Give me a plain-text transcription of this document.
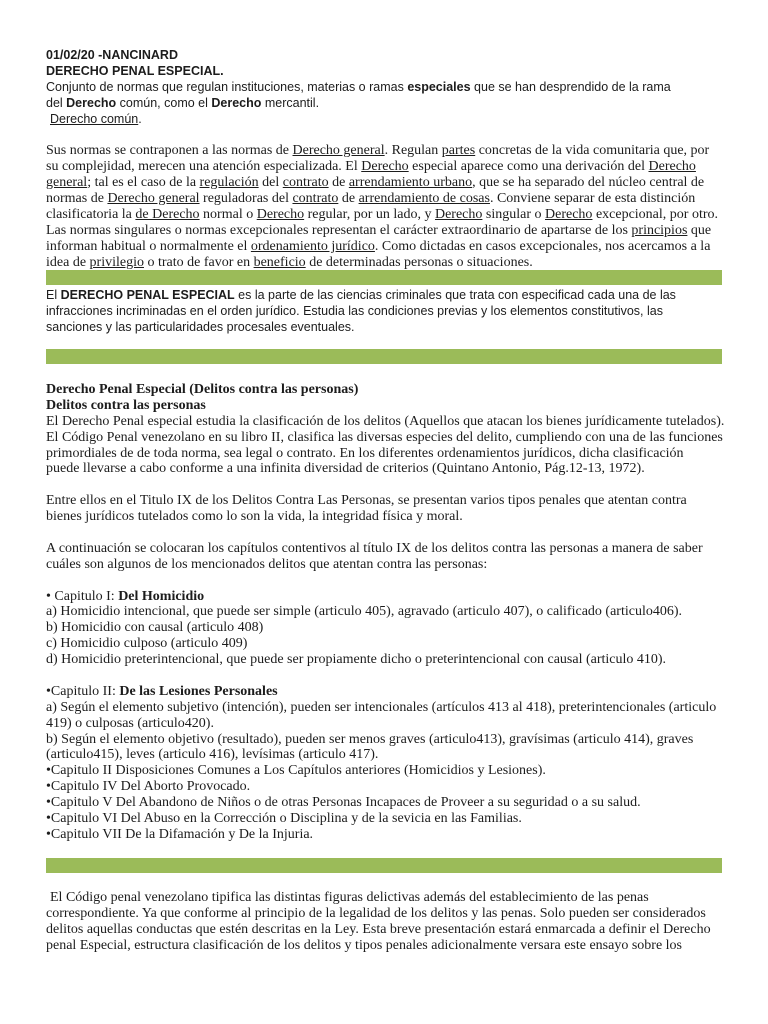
01/02/20 -NANCINARD
DERECHO PENAL ESPECIAL.
Conjunto de normas que regulan instituciones, materias o ramas especiales que se han desprendido de la rama
del Derecho común, como el Derecho mercantil.
Derecho común.
Sus normas se contraponen a las normas de Derecho general. Regulan partes concretas de la vida comunitaria que, por
su complejidad, merecen una atención especializada. El Derecho especial aparece como una derivación del Derecho
general; tal es el caso de la regulación del contrato de arrendamiento urbano, que se ha separado del núcleo central de
normas de Derecho general reguladoras del contrato de arrendamiento de cosas. Conviene separar de esta distinción
clasificatoria la de Derecho normal o Derecho regular, por un lado, y Derecho singular o Derecho excepcional, por otro.
Las normas singulares o normas excepcionales representan el carácter extraordinario de apartarse de los principios que
informan habitual o normalmente el ordenamiento jurídico. Como dictadas en casos excepcionales, nos acercamos a la
idea de privilegio o trato de favor en beneficio de determinadas personas o situaciones.
El DERECHO PENAL ESPECIAL es la parte de las ciencias criminales que trata con especificad cada una de las
infracciones incriminadas en el orden jurídico. Estudia las condiciones previas y los elementos constitutivos, las
sanciones y las particularidades procesales eventuales.
Derecho Penal Especial (Delitos contra las personas)
Delitos contra las personas
El Derecho Penal especial estudia la clasificación de los delitos (Aquellos que atacan los bienes jurídicamente tutelados).
El Código Penal venezolano en su libro II, clasifica las diversas especies del delito, cumpliendo con una de las funciones
primordiales de de toda norma, sea legal o contrato. En los diferentes ordenamientos jurídicos, dicha clasificación
puede llevarse a cabo conforme a una infinita diversidad de criterios (Quintano Antonio, Pág.12-13, 1972).
Entre ellos en el Titulo IX de los Delitos Contra Las Personas, se presentan varios tipos penales que atentan contra
bienes jurídicos tutelados como lo son la vida, la integridad física y moral.
A continuación se colocaran los capítulos contentivos al título IX de los delitos contra las personas a manera de saber
cuáles son algunos de los mencionados delitos que atentan contra las personas:
• Capitulo I: Del Homicidio
a) Homicidio intencional, que puede ser simple (articulo 405), agravado (articulo 407), o calificado (articulo406).
b) Homicidio con causal (articulo 408)
c) Homicidio culposo (articulo 409)
d) Homicidio preterintencional, que puede ser propiamente dicho o preterintencional con causal (articulo 410).
•Capitulo II: De las Lesiones Personales
a) Según el elemento subjetivo (intención), pueden ser intencionales (artículos 413 al 418), preterintencionales (articulo
419) o culposas (articulo420).
b) Según el elemento objetivo (resultado), pueden ser menos graves (articulo413), gravísimas (articulo 414), graves
(articulo415), leves (articulo 416), levísimas (articulo 417).
•Capitulo II Disposiciones Comunes a Los Capítulos anteriores (Homicidios y Lesiones).
•Capitulo IV Del Aborto Provocado.
•Capitulo V Del Abandono de Niños o de otras Personas Incapaces de Proveer a su seguridad o a su salud.
•Capitulo VI Del Abuso en la Corrección o Disciplina y de la sevicia en las Familias.
•Capitulo VII De la Difamación y De la Injuria.
El Código penal venezolano tipifica las distintas figuras delictivas además del establecimiento de las penas
correspondiente. Ya que conforme al principio de la legalidad de los delitos y las penas. Solo pueden ser considerados
delitos aquellas conductas que estén descritas en la Ley. Esta breve presentación estará enmarcada a definir el Derecho
penal Especial, estructura clasificación de los delitos y tipos penales adicionalmente versara este ensayo sobre los
